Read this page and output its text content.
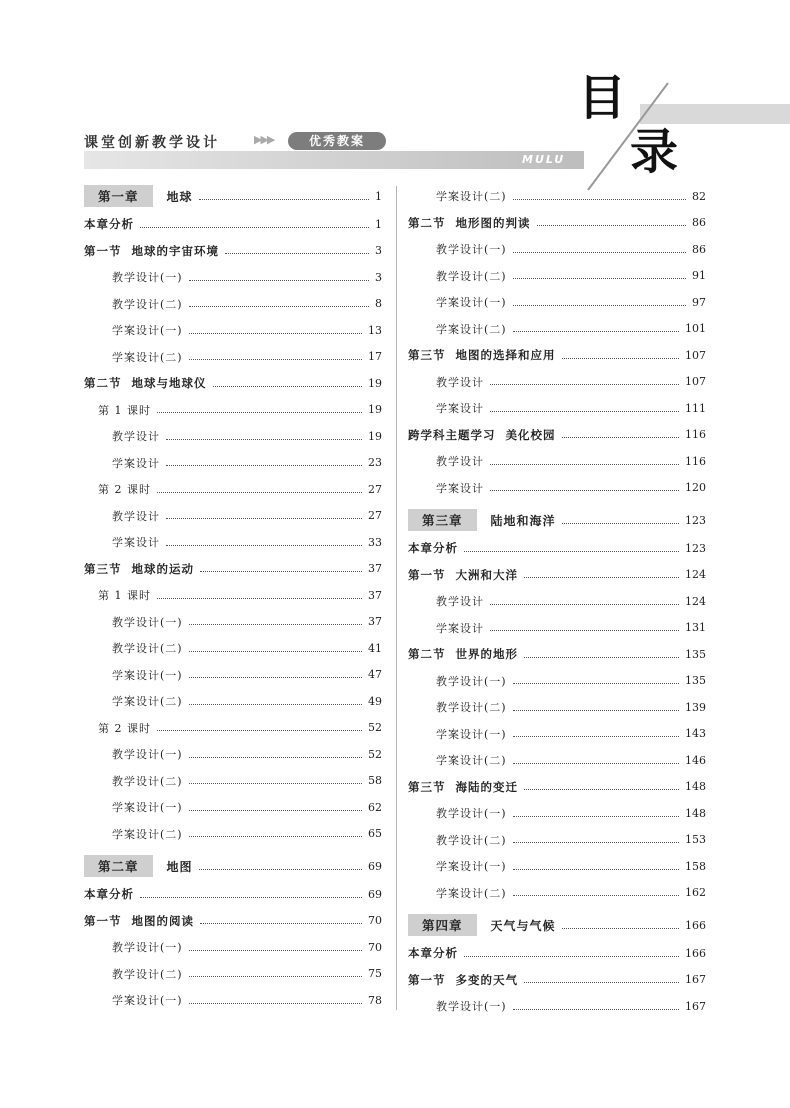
课堂创新教学设计	▶▶▶	优秀教案
MULU
目
录
第一章	地球	1
本章分析	1
第一节  地球的宇宙环境	3
教学设计(一)	3
教学设计(二)	8
学案设计(一)	13
学案设计(二)	17
第二节  地球与地球仪	19
第 1 课时	19
教学设计	19
学案设计	23
第 2 课时	27
教学设计	27
学案设计	33
第三节  地球的运动	37
第 1 课时	37
教学设计(一)	37
教学设计(二)	41
学案设计(一)	47
学案设计(二)	49
第 2 课时	52
教学设计(一)	52
教学设计(二)	58
学案设计(一)	62
学案设计(二)	65
第二章	地图	69
本章分析	69
第一节  地图的阅读	70
教学设计(一)	70
教学设计(二)	75
学案设计(一)	78
学案设计(二)	82
第二节  地形图的判读	86
教学设计(一)	86
教学设计(二)	91
学案设计(一)	97
学案设计(二)	101
第三节  地图的选择和应用	107
教学设计	107
学案设计	111
跨学科主题学习  美化校园	116
教学设计	116
学案设计	120
第三章	陆地和海洋	123
本章分析	123
第一节  大洲和大洋	124
教学设计	124
学案设计	131
第二节  世界的地形	135
教学设计(一)	135
教学设计(二)	139
学案设计(一)	143
学案设计(二)	146
第三节  海陆的变迁	148
教学设计(一)	148
教学设计(二)	153
学案设计(一)	158
学案设计(二)	162
第四章	天气与气候	166
本章分析	166
第一节  多变的天气	167
教学设计(一)	167
